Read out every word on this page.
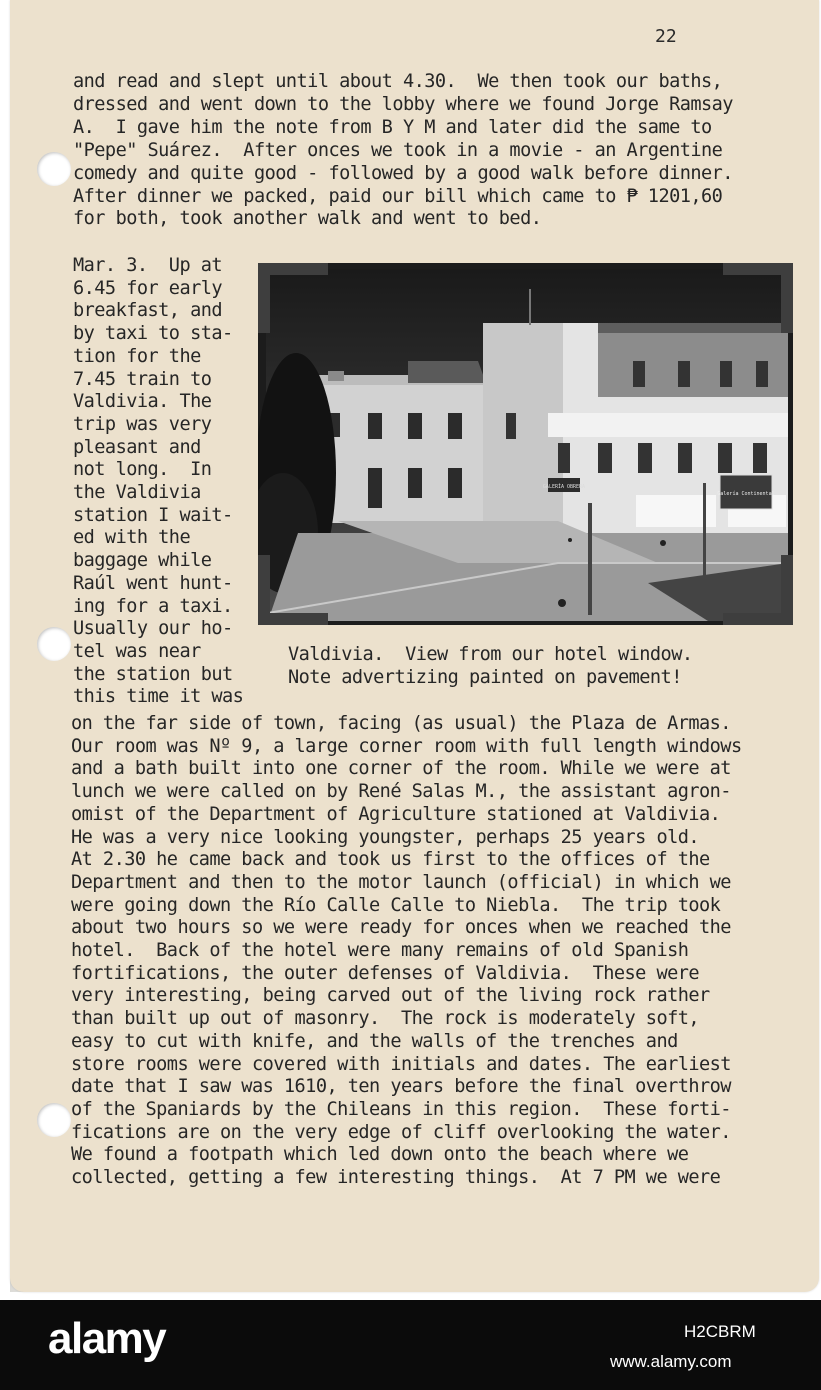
22
and read and slept until about 4.30.  We then took our baths,
dressed and went down to the lobby where we found Jorge Ramsay
A.  I gave him the note from B Y M and later did the same to
"Pepe" Suárez.  After onces we took in a movie - an Argentine
comedy and quite good - followed by a good walk before dinner.
After dinner we packed, paid our bill which came to ₱ 1201,60
for both, took another walk and went to bed.
Mar. 3.  Up at
6.45 for early
breakfast, and
by taxi to sta-
tion for the
7.45 train to
Valdivia. The
trip was very
pleasant and
not long.  In
the Valdivia
station I wait-
ed with the
baggage while
Raúl went hunt-
ing for a taxi.
Usually our ho-
tel was near
the station but
this time it was
GALERÍA OBRERA
Galería Continental
Valdivia.  View from our hotel window.
Note advertizing painted on pavement!
on the far side of town, facing (as usual) the Plaza de Armas.
Our room was Nº 9, a large corner room with full length windows
and a bath built into one corner of the room. While we were at
lunch we were called on by René Salas M., the assistant agron-
omist of the Department of Agriculture stationed at Valdivia.
He was a very nice looking youngster, perhaps 25 years old.
At 2.30 he came back and took us first to the offices of the
Department and then to the motor launch (official) in which we
were going down the Río Calle Calle to Niebla.  The trip took
about two hours so we were ready for onces when we reached the
hotel.  Back of the hotel were many remains of old Spanish
fortifications, the outer defenses of Valdivia.  These were
very interesting, being carved out of the living rock rather
than built up out of masonry.  The rock is moderately soft,
easy to cut with knife, and the walls of the trenches and
store rooms were covered with initials and dates. The earliest
date that I saw was 1610, ten years before the final overthrow
of the Spaniards by the Chileans in this region.  These forti-
fications are on the very edge of cliff overlooking the water.
We found a footpath which led down onto the beach where we
collected, getting a few interesting things.  At 7 PM we were
alamy	H2CBRM
www.alamy.com
